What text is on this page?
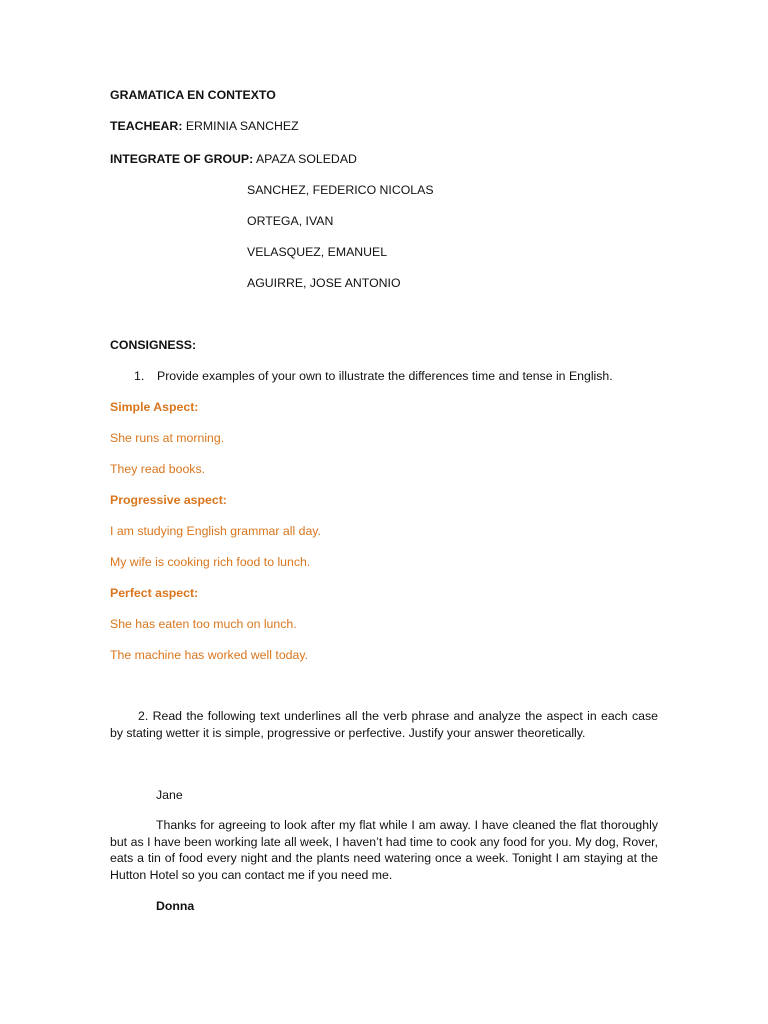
GRAMATICA EN CONTEXTO
TEACHEAR: ERMINIA SANCHEZ
INTEGRATE OF GROUP: APAZA SOLEDAD
SANCHEZ, FEDERICO NICOLAS
ORTEGA, IVAN
VELASQUEZ, EMANUEL
AGUIRRE, JOSE ANTONIO
CONSIGNESS:
1. Provide examples of your own to illustrate the differences time and tense in English.
Simple Aspect:
She runs at morning.
They read books.
Progressive aspect:
I am studying English grammar all day.
My wife is cooking rich food to lunch.
Perfect aspect:
She has eaten too much on lunch.
The machine has worked well today.
2. Read the following text underlines all the verb phrase and analyze the aspect in each case by stating wetter it is simple, progressive or perfective. Justify your answer theoretically.
Jane
Thanks for agreeing to look after my flat while I am away. I have cleaned the flat thoroughly but as I have been working late all week, I haven’t had time to cook any food for you. My dog, Rover, eats a tin of food every night and the plants need watering once a week. Tonight I am staying at the Hutton Hotel so you can contact me if you need me.
Donna
